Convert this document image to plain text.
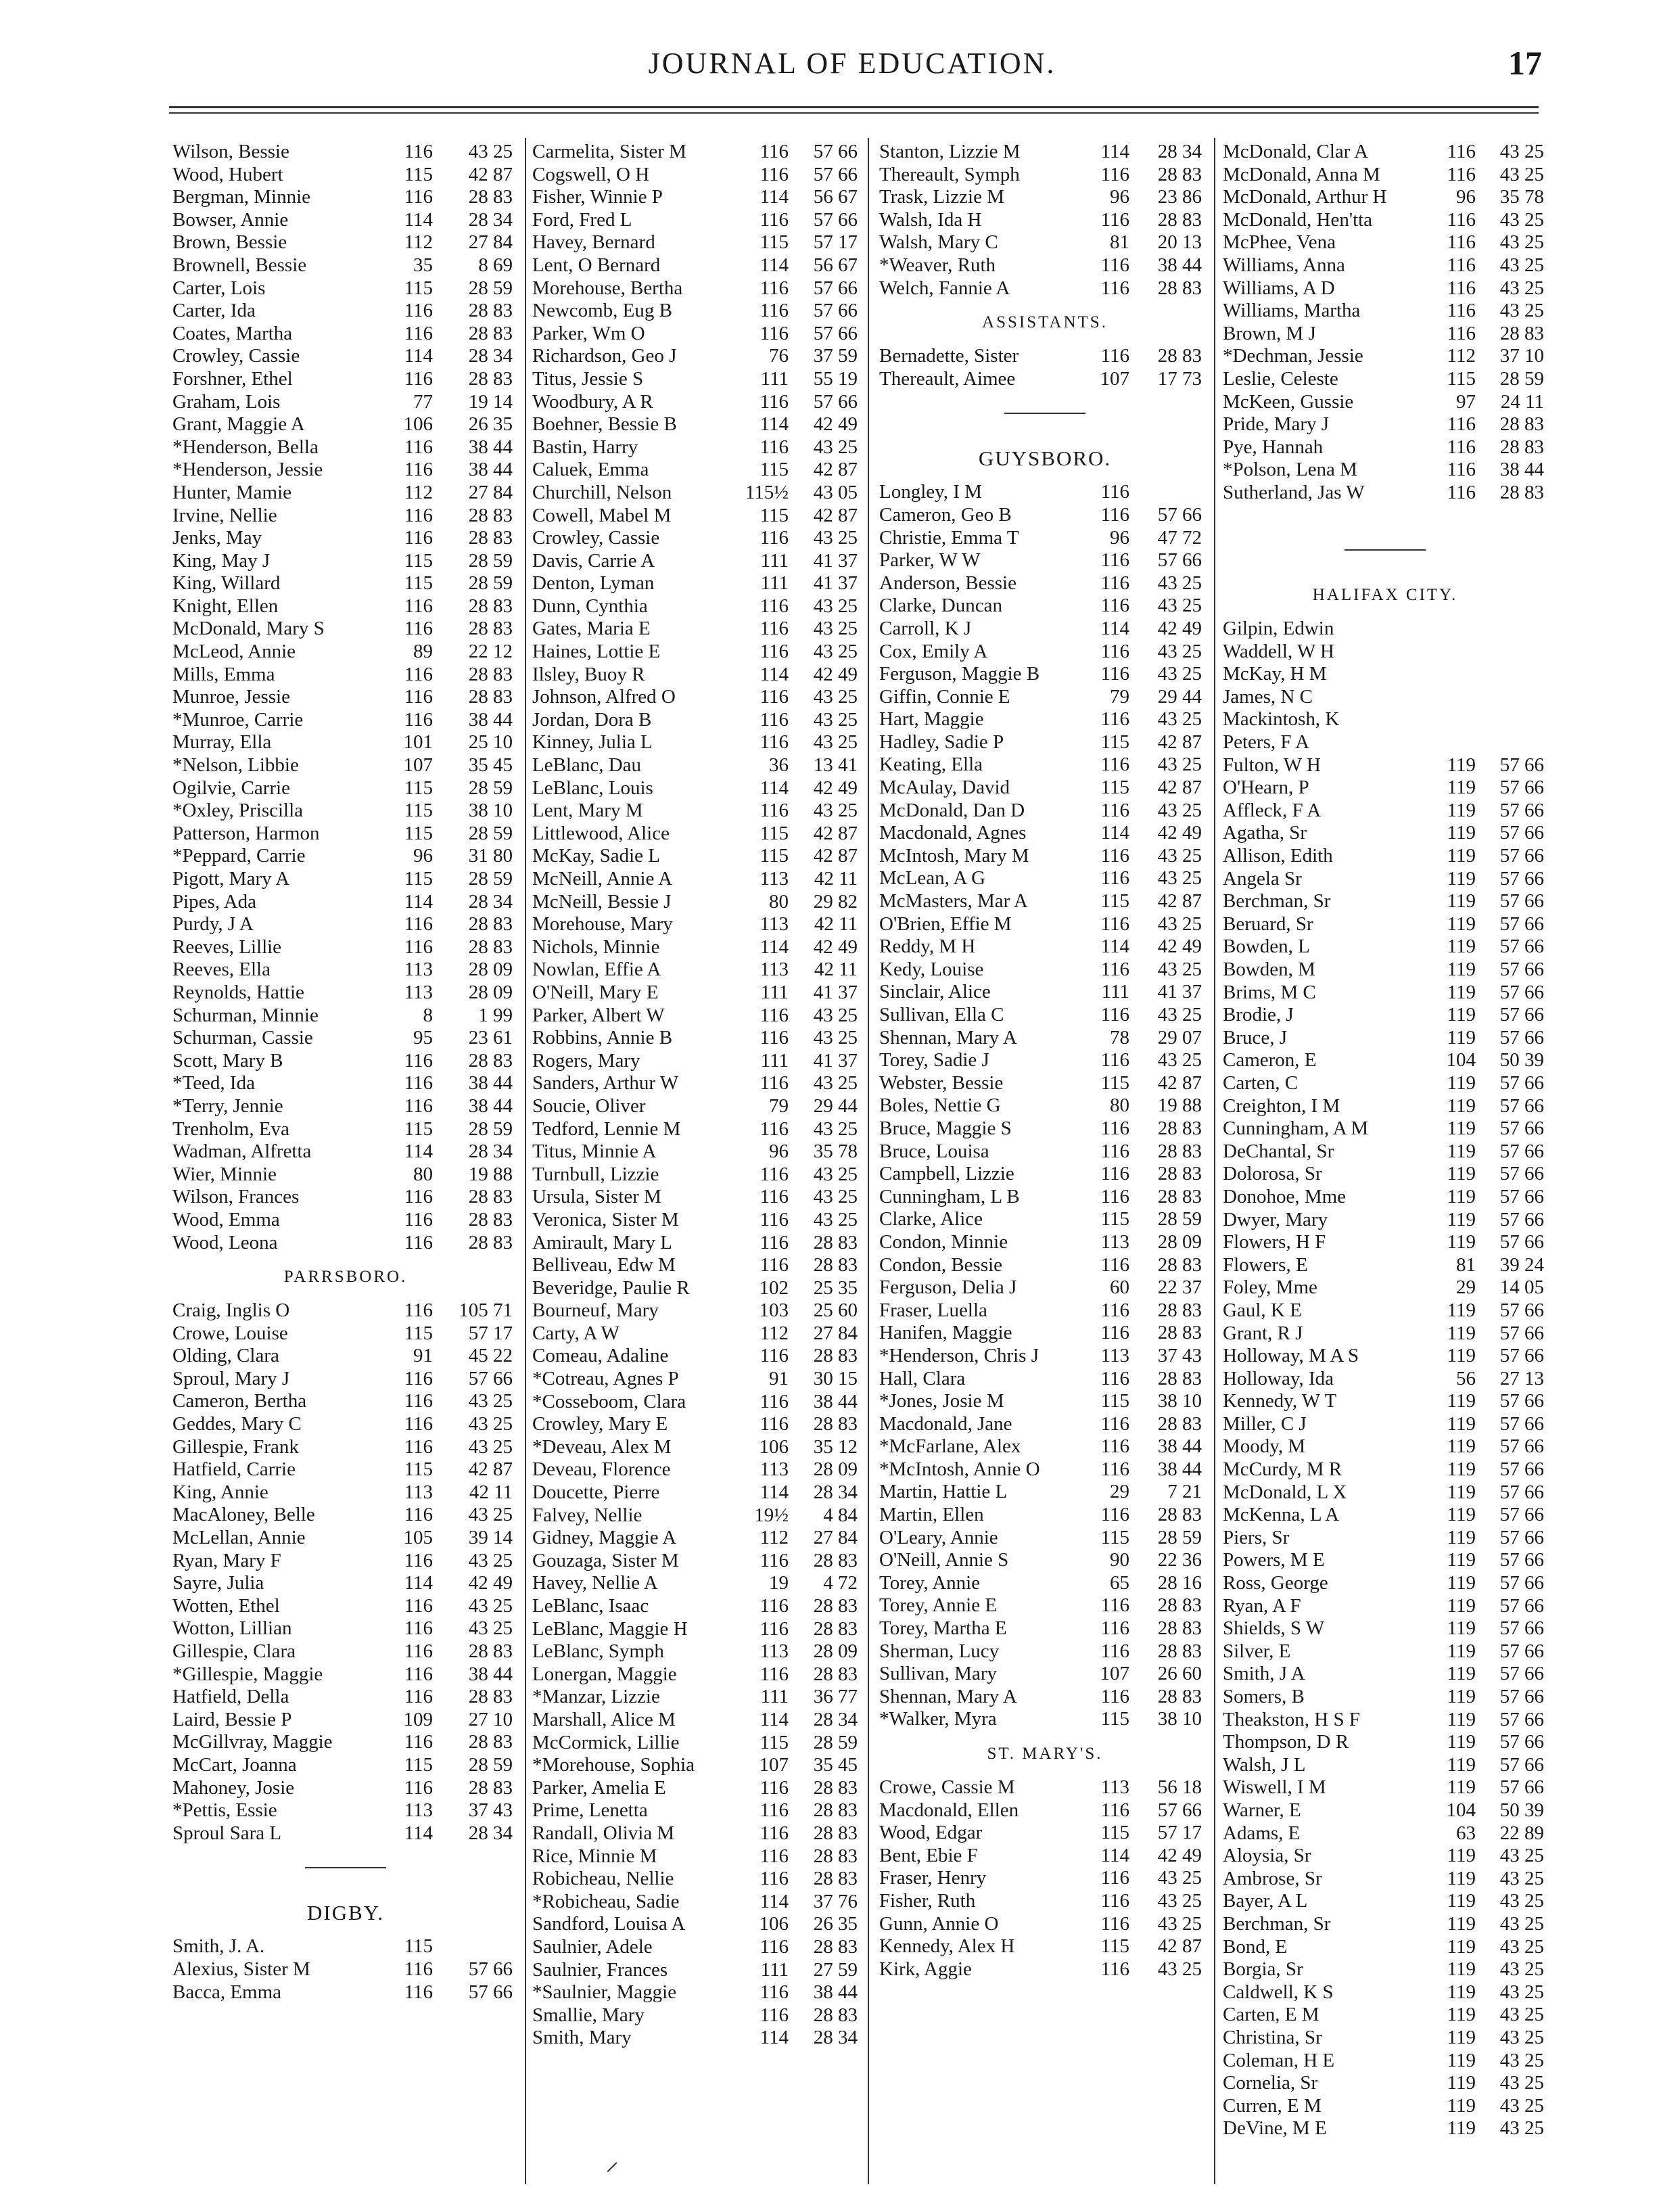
JOURNAL OF EDUCATION.	17
Wilson, Bessie	116 43 25
Wood, Hubert	115 42 87
Bergman, Minnie	116 28 83
Bowser, Annie	114 28 34
Brown, Bessie	112 27 84
Brownell, Bessie	35 8 69
Carter, Lois	115 28 59
Carter, Ida	116 28 83
Coates, Martha	116 28 83
Crowley, Cassie	114 28 34
Forshner, Ethel	116 28 83
Graham, Lois	77 19 14
Grant, Maggie A	106 26 35
*Henderson, Bella	116 38 44
*Henderson, Jessie	116 38 44
Hunter, Mamie	112 27 84
Irvine, Nellie	116 28 83
Jenks, May	116 28 83
King, May J	115 28 59
King, Willard	115 28 59
Knight, Ellen	116 28 83
McDonald, Mary S	116 28 83
McLeod, Annie	89 22 12
Mills, Emma	116 28 83
Munroe, Jessie	116 28 83
*Munroe, Carrie	116 38 44
Murray, Ella	101 25 10
*Nelson, Libbie	107 35 45
Ogilvie, Carrie	115 28 59
*Oxley, Priscilla	115 38 10
Patterson, Harmon	115 28 59
*Peppard, Carrie	96 31 80
Pigott, Mary A	115 28 59
Pipes, Ada	114 28 34
Purdy, J A	116 28 83
Reeves, Lillie	116 28 83
Reeves, Ella	113 28 09
Reynolds, Hattie	113 28 09
Schurman, Minnie	8 1 99
Schurman, Cassie	95 23 61
Scott, Mary B	116 28 83
*Teed, Ida	116 38 44
*Terry, Jennie	116 38 44
Trenholm, Eva	115 28 59
Wadman, Alfretta	114 28 34
Wier, Minnie	80 19 88
Wilson, Frances	116 28 83
Wood, Emma	116 28 83
Wood, Leona	116 28 83
PARRSBORO.
Craig, Inglis O	116 105 71
Crowe, Louise	115 57 17
Olding, Clara	91 45 22
Sproul, Mary J	116 57 66
Cameron, Bertha	116 43 25
Geddes, Mary C	116 43 25
Gillespie, Frank	116 43 25
Hatfield, Carrie	115 42 87
King, Annie	113 42 11
MacAloney, Belle	116 43 25
McLellan, Annie	105 39 14
Ryan, Mary F	116 43 25
Sayre, Julia	114 42 49
Wotten, Ethel	116 43 25
Wotton, Lillian	116 43 25
Gillespie, Clara	116 28 83
*Gillespie, Maggie	116 38 44
Hatfield, Della	116 28 83
Laird, Bessie P	109 27 10
McGillvray, Maggie	116 28 83
McCart, Joanna	115 28 59
Mahoney, Josie	116 28 83
*Pettis, Essie	113 37 43
Sproul Sara L	114 28 34
DIGBY.
Smith, J. A.	115
Alexius, Sister M	116 57 66
Bacca, Emma	116 57 66
Carmelita, Sister M	116 57 66
Cogswell, O H	116 57 66
Fisher, Winnie P	114 56 67
Ford, Fred L	116 57 66
Havey, Bernard	115 57 17
Lent, O Bernard	114 56 67
Morehouse, Bertha	116 57 66
Newcomb, Eug B	116 57 66
Parker, Wm O	116 57 66
Richardson, Geo J	76 37 59
Titus, Jessie S	111 55 19
Woodbury, A R	116 57 66
Boehner, Bessie B	114 42 49
Bastin, Harry	116 43 25
Caluek, Emma	115 42 87
Churchill, Nelson	115½ 43 05
Cowell, Mabel M	115 42 87
Crowley, Cassie	116 43 25
Davis, Carrie A	111 41 37
Denton, Lyman	111 41 37
Dunn, Cynthia	116 43 25
Gates, Maria E	116 43 25
Haines, Lottie E	116 43 25
Ilsley, Buoy R	114 42 49
Johnson, Alfred O	116 43 25
Jordan, Dora B	116 43 25
Kinney, Julia L	116 43 25
LeBlanc, Dau	36 13 41
LeBlanc, Louis	114 42 49
Lent, Mary M	116 43 25
Littlewood, Alice	115 42 87
McKay, Sadie L	115 42 87
McNeill, Annie A	113 42 11
McNeill, Bessie J	80 29 82
Morehouse, Mary	113 42 11
Nichols, Minnie	114 42 49
Nowlan, Effie A	113 42 11
O'Neill, Mary E	111 41 37
Parker, Albert W	116 43 25
Robbins, Annie B	116 43 25
Rogers, Mary	111 41 37
Sanders, Arthur W	116 43 25
Soucie, Oliver	79 29 44
Tedford, Lennie M	116 43 25
Titus, Minnie A	96 35 78
Turnbull, Lizzie	116 43 25
Ursula, Sister M	116 43 25
Veronica, Sister M	116 43 25
Amirault, Mary L	116 28 83
Belliveau, Edw M	116 28 83
Beveridge, Paulie R	102 25 35
Bourneuf, Mary	103 25 60
Carty, A W	112 27 84
Comeau, Adaline	116 28 83
*Cotreau, Agnes P	91 30 15
*Cosseboom, Clara	116 38 44
Crowley, Mary E	116 28 83
*Deveau, Alex M	106 35 12
Deveau, Florence	113 28 09
Doucette, Pierre	114 28 34
Falvey, Nellie	19½ 4 84
Gidney, Maggie A	112 27 84
Gouzaga, Sister M	116 28 83
Havey, Nellie A	19 4 72
LeBlanc, Isaac	116 28 83
LeBlanc, Maggie H	116 28 83
LeBlanc, Symph	113 28 09
Lonergan, Maggie	116 28 83
*Manzar, Lizzie	111 36 77
Marshall, Alice M	114 28 34
McCormick, Lillie	115 28 59
*Morehouse, Sophia	107 35 45
Parker, Amelia E	116 28 83
Prime, Lenetta	116 28 83
Randall, Olivia M	116 28 83
Rice, Minnie M	116 28 83
Robicheau, Nellie	116 28 83
*Robicheau, Sadie	114 37 76
Sandford, Louisa A	106 26 35
Saulnier, Adele	116 28 83
Saulnier, Frances	111 27 59
*Saulnier, Maggie	116 38 44
Smallie, Mary	116 28 83
Smith, Mary	114 28 34
Stanton, Lizzie M	114 28 34
Thereault, Symph	116 28 83
Trask, Lizzie M	96 23 86
Walsh, Ida H	116 28 83
Walsh, Mary C	81 20 13
*Weaver, Ruth	116 38 44
Welch, Fannie A	116 28 83
ASSISTANTS.
Bernadette, Sister	116 28 83
Thereault, Aimee	107 17 73
GUYSBORO.
Longley, I M	116
Cameron, Geo B	116 57 66
Christie, Emma T	96 47 72
Parker, W W	116 57 66
Anderson, Bessie	116 43 25
Clarke, Duncan	116 43 25
Carroll, K J	114 42 49
Cox, Emily A	116 43 25
Ferguson, Maggie B	116 43 25
Giffin, Connie E	79 29 44
Hart, Maggie	116 43 25
Hadley, Sadie P	115 42 87
Keating, Ella	116 43 25
McAulay, David	115 42 87
McDonald, Dan D	116 43 25
Macdonald, Agnes	114 42 49
McIntosh, Mary M	116 43 25
McLean, A G	116 43 25
McMasters, Mar A	115 42 87
O'Brien, Effie M	116 43 25
Reddy, M H	114 42 49
Kedy, Louise	116 43 25
Sinclair, Alice	111 41 37
Sullivan, Ella C	116 43 25
Shennan, Mary A	78 29 07
Torey, Sadie J	116 43 25
Webster, Bessie	115 42 87
Boles, Nettie G	80 19 88
Bruce, Maggie S	116 28 83
Bruce, Louisa	116 28 83
Campbell, Lizzie	116 28 83
Cunningham, L B	116 28 83
Clarke, Alice	115 28 59
Condon, Minnie	113 28 09
Condon, Bessie	116 28 83
Ferguson, Delia J	60 22 37
Fraser, Luella	116 28 83
Hanifen, Maggie	116 28 83
*Henderson, Chris J	113 37 43
Hall, Clara	116 28 83
*Jones, Josie M	115 38 10
Macdonald, Jane	116 28 83
*McFarlane, Alex	116 38 44
*McIntosh, Annie O	116 38 44
Martin, Hattie L	29 7 21
Martin, Ellen	116 28 83
O'Leary, Annie	115 28 59
O'Neill, Annie S	90 22 36
Torey, Annie	65 28 16
Torey, Annie E	116 28 83
Torey, Martha E	116 28 83
Sherman, Lucy	116 28 83
Sullivan, Mary	107 26 60
Shennan, Mary A	116 28 83
*Walker, Myra	115 38 10
ST. MARY'S.
Crowe, Cassie M	113 56 18
Macdonald, Ellen	116 57 66
Wood, Edgar	115 57 17
Bent, Ebie F	114 42 49
Fraser, Henry	116 43 25
Fisher, Ruth	116 43 25
Gunn, Annie O	116 43 25
Kennedy, Alex H	115 42 87
Kirk, Aggie	116 43 25
McDonald, Clar A	116 43 25
McDonald, Anna M	116 43 25
McDonald, Arthur H	96 35 78
McDonald, Hen'tta	116 43 25
McPhee, Vena	116 43 25
Williams, Anna	116 43 25
Williams, A D	116 43 25
Williams, Martha	116 43 25
Brown, M J	116 28 83
*Dechman, Jessie	112 37 10
Leslie, Celeste	115 28 59
McKeen, Gussie	97 24 11
Pride, Mary J	116 28 83
Pye, Hannah	116 28 83
*Polson, Lena M	116 38 44
Sutherland, Jas W	116 28 83
HALIFAX CITY.
Gilpin, Edwin
Waddell, W H
McKay, H M
James, N C
Mackintosh, K
Peters, F A
Fulton, W H	119 57 66
O'Hearn, P	119 57 66
Affleck, F A	119 57 66
Agatha, Sr	119 57 66
Allison, Edith	119 57 66
Angela Sr	119 57 66
Berchman, Sr	119 57 66
Beruard, Sr	119 57 66
Bowden, L	119 57 66
Bowden, M	119 57 66
Brims, M C	119 57 66
Brodie, J	119 57 66
Bruce, J	119 57 66
Cameron, E	104 50 39
Carten, C	119 57 66
Creighton, I M	119 57 66
Cunningham, A M	119 57 66
DeChantal, Sr	119 57 66
Dolorosa, Sr	119 57 66
Donohoe, Mme	119 57 66
Dwyer, Mary	119 57 66
Flowers, H F	119 57 66
Flowers, E	81 39 24
Foley, Mme	29 14 05
Gaul, K E	119 57 66
Grant, R J	119 57 66
Holloway, M A S	119 57 66
Holloway, Ida	56 27 13
Kennedy, W T	119 57 66
Miller, C J	119 57 66
Moody, M	119 57 66
McCurdy, M R	119 57 66
McDonald, L X	119 57 66
McKenna, L A	119 57 66
Piers, Sr	119 57 66
Powers, M E	119 57 66
Ross, George	119 57 66
Ryan, A F	119 57 66
Shields, S W	119 57 66
Silver, E	119 57 66
Smith, J A	119 57 66
Somers, B	119 57 66
Theakston, H S F	119 57 66
Thompson, D R	119 57 66
Walsh, J L	119 57 66
Wiswell, I M	119 57 66
Warner, E	104 50 39
Adams, E	63 22 89
Aloysia, Sr	119 43 25
Ambrose, Sr	119 43 25
Bayer, A L	119 43 25
Berchman, Sr	119 43 25
Bond, E	119 43 25
Borgia, Sr	119 43 25
Caldwell, K S	119 43 25
Carten, E M	119 43 25
Christina, Sr	119 43 25
Coleman, H E	119 43 25
Cornelia, Sr	119 43 25
Curren, E M	119 43 25
DeVine, M E	119 43 25
⸝
